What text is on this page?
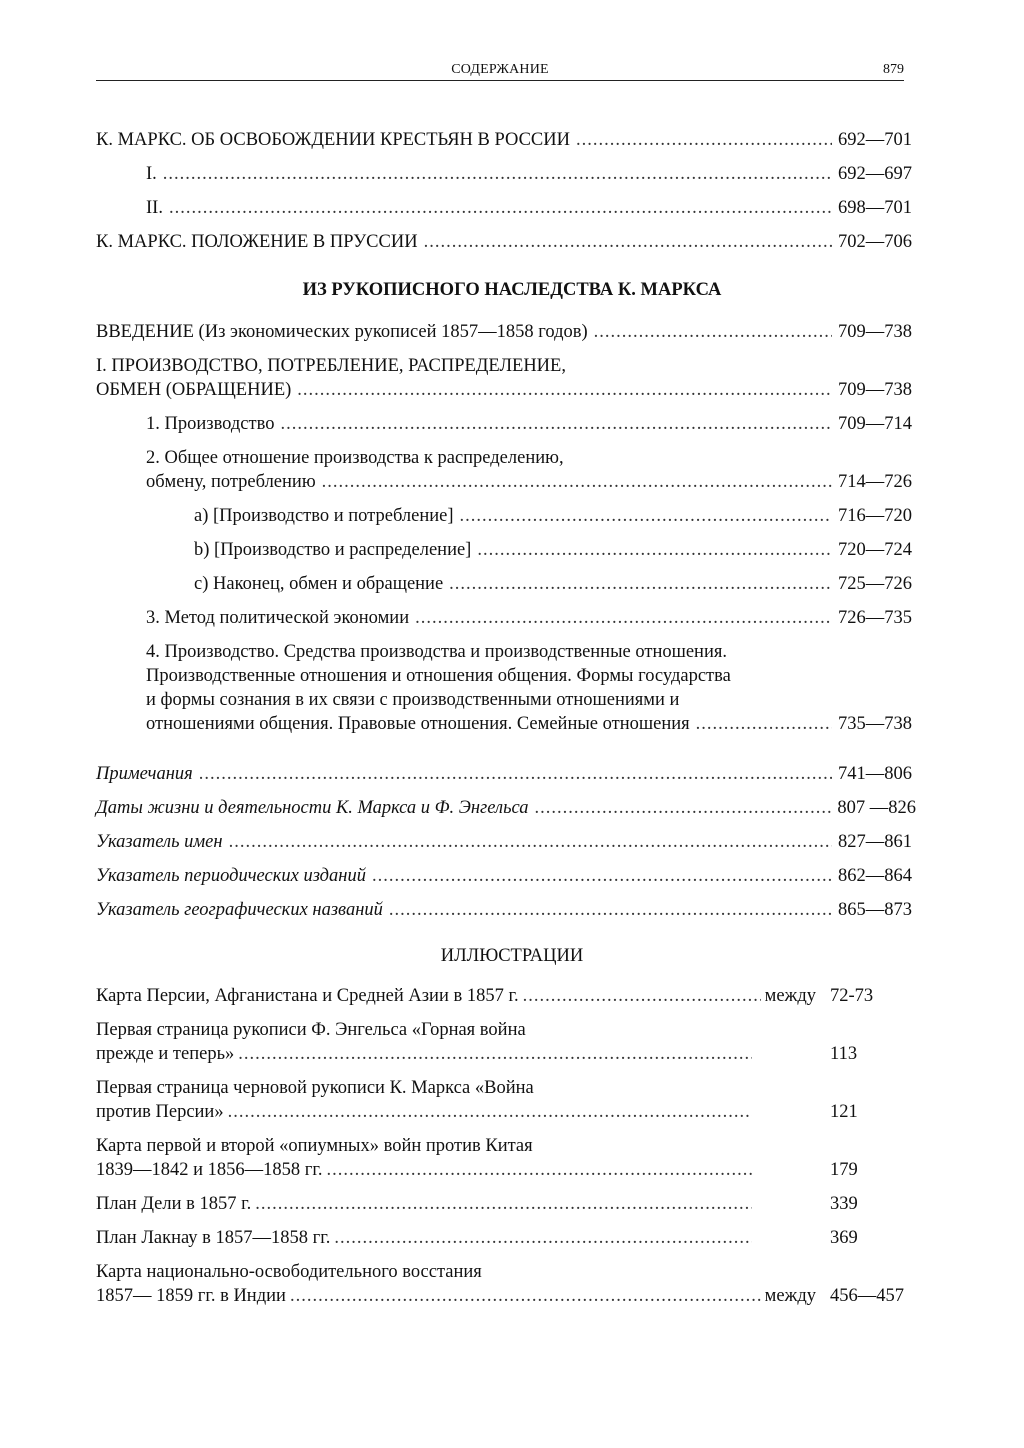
СОДЕРЖАНИЕ	879
К. МАРКС. ОБ ОСВОБОЖДЕНИИ КРЕСТЬЯН В РОССИИ .....	692—701
I. .....	692—697
II. .....	698—701
К. МАРКС. ПОЛОЖЕНИЕ В ПРУССИИ .....	702—706
ИЗ РУКОПИСНОГО НАСЛЕДСТВА К. МАРКСА
ВВЕДЕНИЕ (Из экономических рукописей 1857—1858 годов) .....	709—738
I. ПРОИЗВОДСТВО, ПОТРЕБЛЕНИЕ, РАСПРЕДЕЛЕНИЕ,
ОБМЕН (ОБРАЩЕНИЕ) .....	709—738
1. Производство .....	709—714
2. Общее отношение производства к распределению,
обмену, потреблению .....	714—726
a) [Производство и потребление] .....	716—720
b) [Производство и распределение] .....	720—724
c) Наконец, обмен и обращение .....	725—726
3. Метод политической экономии .....	726—735
4. Производство. Средства производства и производственные отношения.
Производственные отношения и отношения общения. Формы государства
и формы сознания в их связи с производственными отношениями и
отношениями общения. Правовые отношения. Семейные отношения .....	735—738
Примечания .....	741—806
Даты жизни и деятельности К. Маркса и Ф. Энгельса .....	807 —826
Указатель имен .....	827—861
Указатель периодических изданий .....	862—864
Указатель географических названий .....	865—873
ИЛЛЮСТРАЦИИ
Карта Персии, Афганистана и Средней Азии в 1857 г. .....	между 72-73
Первая страница рукописи Ф. Энгельса «Горная война
прежде и теперь» .....	113
Первая страница черновой рукописи К. Маркса «Война
против Персии» .....	121
Карта первой и второй «опиумных» войн против Китая
1839—1842 и 1856—1858 гг. .....	179
План Дели в 1857 г. .....	339
План Лакнау в 1857—1858 гг. .....	369
Карта национально-освободительного восстания
1857— 1859 гг. в Индии .....	между 456—457
